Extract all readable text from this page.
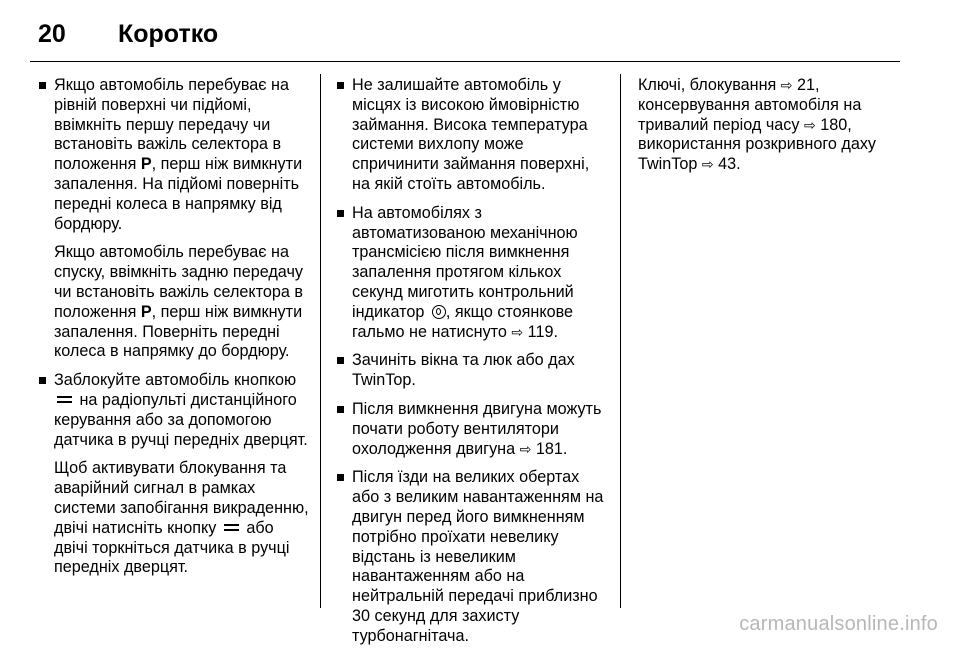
20	Коротко

Якщо автомобіль перебуває на рівній поверхні чи підйомі, ввімкніть першу передачу чи встановіть важіль селектора в положення P, перш ніж вимкнути запалення. На підйомі поверніть передні колеса в напрямку від бордюру.

Якщо автомобіль перебуває на спуску, ввімкніть задню передачу чи встановіть важіль селектора в положення P, перш ніж вимкнути запалення. Поверніть передні колеса в напрямку до бордюру.

Заблокуйте автомобіль кнопкою  на радіопульті дистанційного керування або за допомогою датчика в ручці передніх дверцят.

Щоб активувати блокування та аварійний сигнал в рамках системи запобігання викраденню, двічі натисніть кнопку  або двічі торкніться датчика в ручці передніх дверцят.

Не залишайте автомобіль у місцях із високою ймовірністю займання. Висока температура системи вихлопу може спричинити займання поверхні, на якій стоїть автомобіль.

На автомобілях з автоматизованою механічною трансмісією після вимкнення запалення протягом кількох секунд миготить контрольний індикатор , якщо стоянкове гальмо не натиснуто ⇨ 119.

Зачиніть вікна та люк або дах TwinTop.

Після вимкнення двигуна можуть почати роботу вентилятори охолодження двигуна ⇨ 181.

Після їзди на великих обертах або з великим навантаженням на двигун перед його вимкненням потрібно проїхати невелику відстань із невеликим навантаженням або на нейтральній передачі приблизно 30 секунд для захисту турбонагнітача.

Ключі, блокування ⇨ 21,

консервування автомобіля на тривалий період часу ⇨ 180,

використання розкривного даху TwinTop ⇨ 43.

carmanualsonline.info
